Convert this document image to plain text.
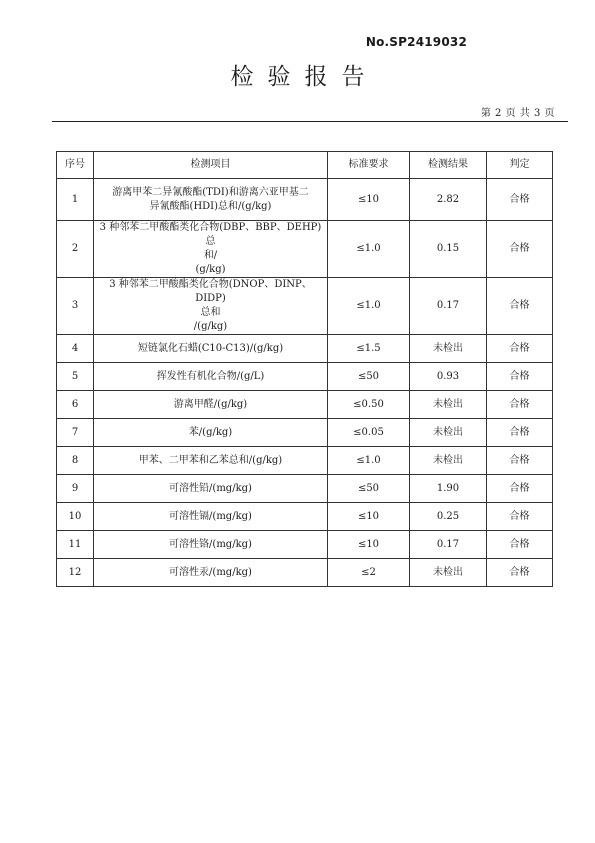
No.SP2419032
检验报告
第 2 页 共 3 页
序号	检测项目	标准要求	检测结果	判定
1	游离甲苯二异氰酸酯(TDI)和游离六亚甲基二
异氰酸酯(HDI)总和/(g/kg)	≤10	2.82	合格
2	3 种邻苯二甲酸酯类化合物(DBP、BBP、DEHP)总
和/
(g/kg)	≤1.0	0.15	合格
3	3 种邻苯二甲酸酯类化合物(DNOP、DINP、DIDP)
总和
/(g/kg)	≤1.0	0.17	合格
4	短链氯化石蜡(C10-C13)/(g/kg)	≤1.5	未检出	合格
5	挥发性有机化合物/(g/L)	≤50	0.93	合格
6	游离甲醛/(g/kg)	≤0.50	未检出	合格
7	苯/(g/kg)	≤0.05	未检出	合格
8	甲苯、二甲苯和乙苯总和/(g/kg)	≤1.0	未检出	合格
9	可溶性铅/(mg/kg)	≤50	1.90	合格
10	可溶性镉/(mg/kg)	≤10	0.25	合格
11	可溶性铬/(mg/kg)	≤10	0.17	合格
12	可溶性汞/(mg/kg)	≤2	未检出	合格
